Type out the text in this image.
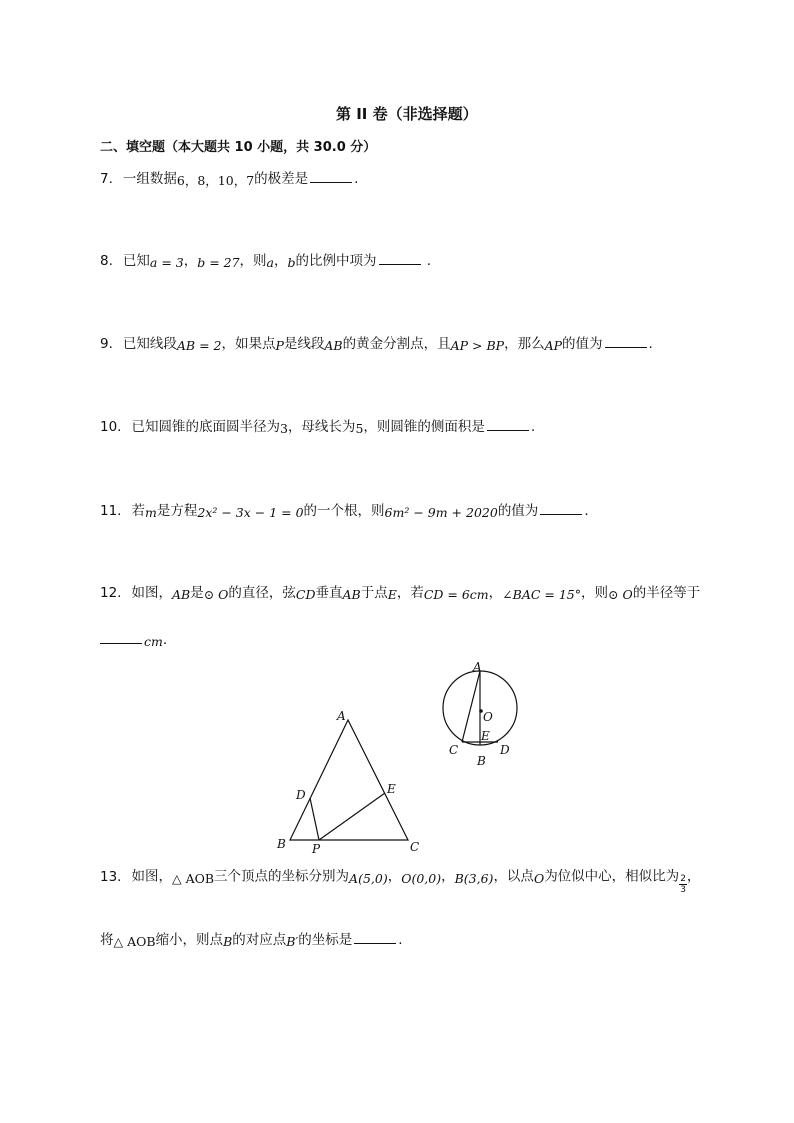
第 II 卷（非选择题）
二、填空题（本大题共 10 小题，共 30.0 分）
7. 一组数据6，8，10，7的极差是	.
8. 已知a = 3，b = 27，则a，b的比例中项为	.
9. 已知线段AB = 2，如果点P是线段AB的黄金分割点，且AP > BP，那么AP的值为	.
10. 已知圆锥的底面圆半径为3，母线长为5，则圆锥的侧面积是	.
11. 若m是方程2x² − 3x − 1 = 0的一个根，则6m² − 9m + 2020的值为	.
12. 如图，AB是⊙ O的直径，弦CD垂直AB于点E，若CD = 6cm，∠BAC = 15°，则⊙ O的半径等于
cm.
A
O
C
E
D
B
A
D	E
B P	C
13. 如图，△ AOB三个顶点的坐标分别为A(5,0)，O(0,0)，B(3,6)，以点O为位似中心，相似比为 $\frac{2}{3}$ ，
将△ AOB缩小，则点B的对应点B′的坐标是	.
